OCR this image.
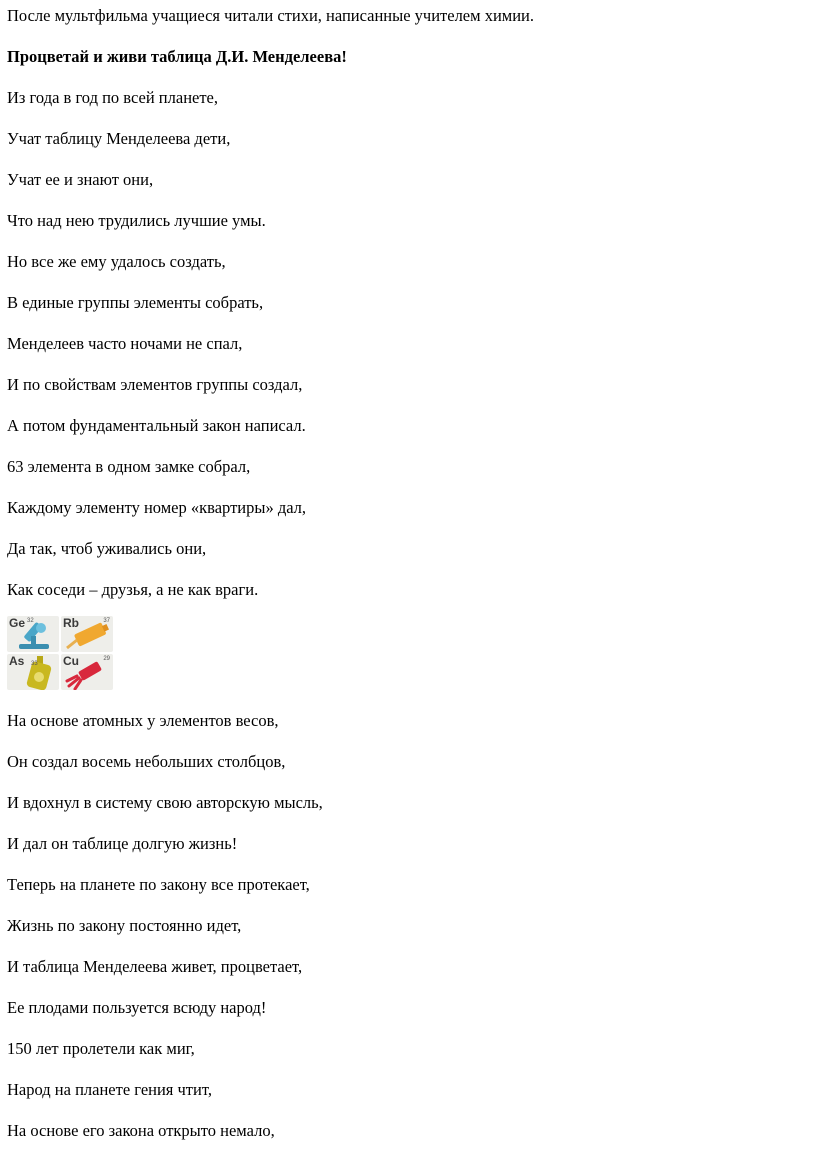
После мультфильма учащиеся читали стихи, написанные учителем химии.

Процветай и живи таблица Д.И. Менделеева!

Из года в год по всей планете,

Учат таблицу Менделеева дети,

Учат ее и знают они,

Что над нею трудились лучшие умы.

Но все же ему удалось создать,

В единые группы элементы собрать,

Менделеев часто ночами не спал,

И по свойствам элементов группы создал,

А потом фундаментальный закон написал.

63 элемента в одном замке собрал,

Каждому элементу номер «квартиры» дал,

Да так, чтоб уживались они,

Как соседи – друзья, а не как враги.

Ge 32 Rb	37
As 33 Cu	29

На основе атомных у элементов весов,

Он создал восемь небольших столбцов,

И вдохнул в систему свою авторскую мысль,

И дал он таблице долгую жизнь!

Теперь на планете по закону все протекает,

Жизнь по закону постоянно идет,

И таблица Менделеева живет, процветает,

Ее плодами пользуется всюду народ!

150 лет пролетели как миг,

Народ на планете гения чтит,

На основе его закона открыто немало,
